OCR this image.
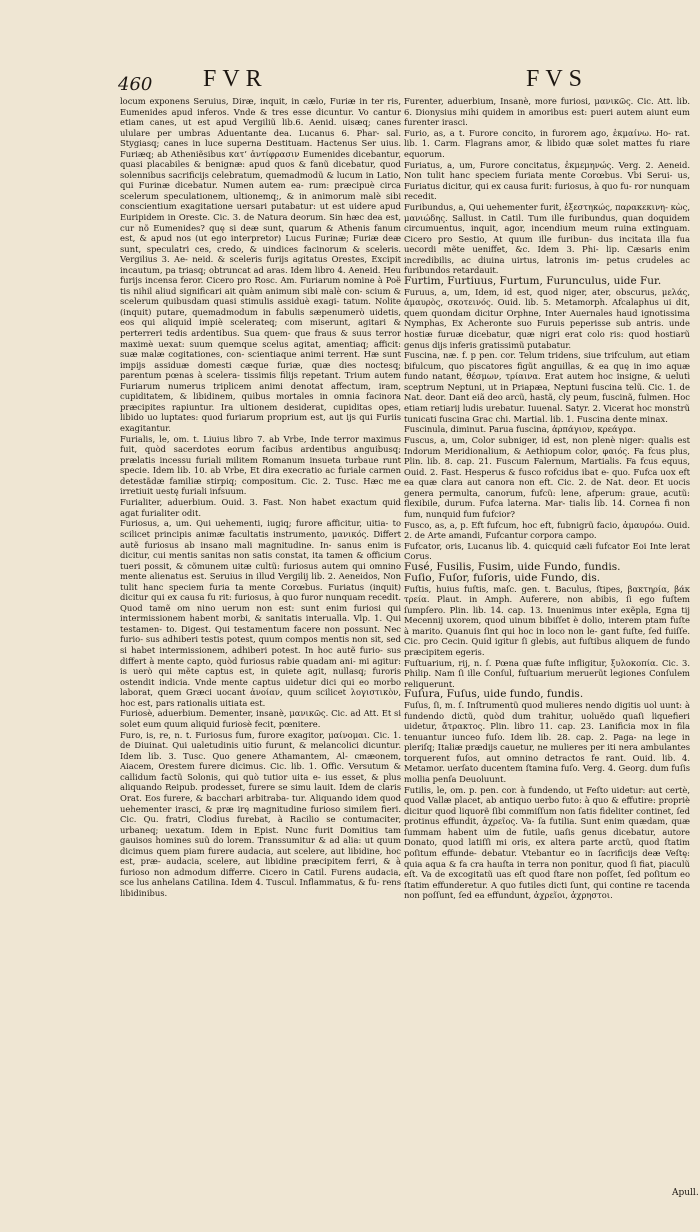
460 FVR	FVS

locum exponens Seruius, Diræ, inquit, in cælo, Furiæ in ter ris, Eumenides apud inferos. Vnde & tres esse dicuntur. Vo cantur etiam canes, ut est apud Vergiliũ lib.6. Aenid. uisæq; canes ululare per umbras Aduentante dea. Lucanus 6. Phar- sal. Stygiasq; canes in luce superna Destituam. Hactenus Ser uius. Furiæq; ab Atheniẽsibus κατ’ ἀντίφρασιν Eumenides dicebantur, quasi placabiles & benignæ: apud quos & fanũ dicebatur, quod solennibus sacrificijs celebratum, quemadmodũ & lucum in Latio, qui Furinæ dicebatur. Numen autem ea- rum: præcipuè circa scelerum speculationem, ultionemq;, & in animorum malè sibi conscientium exagitatione uersari putabatur: ut est uidere apud Euripidem in Oreste. Cic. 3. de Natura deorum. Sin hæc dea est, cur nõ Eumenides? quę si deæ sunt, quarum & Athenis fanum est, & apud nos (ut ego interpretor) Lucus Furinæ; Furiæ deæ sunt, speculatri ces, credo, & uindices facinorum & sceleris. Vergilius 3. Ae- neid. & sceleris furijs agitatus Orestes, Excipit incautum, pa triasq; obtruncat ad aras. Idem libro 4. Aeneid. Heu furijs incensa feror. Cicero pro Rosc. Am. Furiarum nomine à Poë tis nihil aliud significari ait quàm animum sibi malè con- scium & scelerum quibusdam quasi stimulis assiduè exagi- tatum. Nolite (inquit) putare, quemadmodum in fabulis sæpenumerò uidetis, eos qui aliquid impiè scelerateq; com miserunt, agitari & perterreri tedis ardentibus. Sua quem- que fraus & suus terror maximè uexat: suum quemque scelus agitat, amentiaq; afficit: suæ malæ cogitationes, con- scientiaque animi terrent. Hæ sunt impijs assiduæ domesti cæque furiæ, quæ dies noctesq; parentum pœnas à scelera- tissimis filijs repetant. Trium autem Furiarum numerus triplicem animi denotat affectum, iram, cupiditatem, & libidinem, quibus mortales in omnia facinora præcipites rapiuntur. Ira ultionem desiderat, cupiditas opes, libido uo luptates: quod furiarum proprium est, aut ijs qui Furiis exagitantur.

Furialis, le, om. t. Liuius libro 7. ab Vrbe, Inde terror maximus fuit, quòd sacerdotes eorum facibus ardentibus anguibusq; prælatis incessu furiali militem Romanum insueta turbaue runt specie. Idem lib. 10. ab Vrbe, Et dira execratio ac furiale carmen detestãdæ familiæ stirpiq; compositum. Cic. 2. Tusc. Hæc me irretiuit uestę furiali infsuum.

Furialiter, aduerbium. Ouid. 3. Fast. Non habet exactum quid agat furialiter odit.

Furiosus, a, um. Qui uehementi, iugiq; furore afficitur, uitia- to scilicet principis animæ facultatis instrumento, μανικός. Differt autẽ furiosus ab insano mali magnitudine. In- sanus enim is dicitur, cui mentis sanitas non satis constat, ita tamen & officium tueri possit, & cõmunem uitæ cultũ: furiosus autem qui omnino mente alienatus est. Seruius in illud Vergilij lib. 2. Aeneidos, Non tulit hanc speciem furia ta mente Corœbus. Furiatus (inquit) dicitur qui ex causa fu rit: furiosus, à quo furor nunquam recedit. Quod tamẽ om nino uerum non est: sunt enim furiosi qui intermissionem habent morbi, & sanitatis interualla. Vlp. 1. Qui testamen- to. Digest. Qui testamentum facere non possunt. Nec furio- sus adhiberi testis potest, quum compos mentis non sit, sed si habet intermissionem, adhiberi potest. In hoc autẽ furio- sus differt à mente capto, quòd furiosus rabie quadam ani- mi agitur: is uerò qui mẽte captus est, in quiete agit, nullasq; furoris ostendit indicia. Vnde mente captus uidetur dici qui eo morbo laborat, quem Græci uocant ἀνοίαν, quum scilicet λογιστικὸν, hoc est, pars rationalis uitiata est.

Furiosè, aduerbium. Dementer, insanè, μανικῶς. Cic. ad Att. Et si solet eum quum aliquid furiosè fecit, pœnitere.

Furo, is, re, n. t. Furiosus fum, furore exagitor, μαίνομαι. Cic. 1. de Diuinat. Qui ualetudinis uitio furunt, & melancolici dicuntur. Idem lib. 3. Tusc. Quo genere Athamantem, Al- cmæonem, Aiacem, Orestem furere dicimus. Cic. lib. 1. Offic. Versutum & callidum factũ Solonis, qui quò tutior uita e- ius esset, & plus aliquando Reipub. prodesset, furere se simu lauit. Idem de claris Orat. Eos furere, & bacchari arbitraba- tur. Aliquando idem quod uehementer irasci, & præ irę magnitudine furioso similem fieri. Cic. Qu. fratri, Clodius furebat, à Racilio se contumaciter, urbaneq; uexatum. Idem in Epist. Nunc furit Domitius tam gauisos homines suũ do lorem. Transsumitur & ad alia: ut quum dicimus quem piam furere audacia, aut scelere, aut libidine, hoc est, præ- audacia, scelere, aut libidine præcipitem ferri, & à furioso non admodum differre. Cicero in Catil. Furens audacia, sce lus anhelans Catilina. Idem 4. Tuscul. Inflammatus, & fu- rens libidinibus.

Furenter, aduerbium, Insanè, more furiosi, μανικῶς. Cic. Att. lib. 6. Dionysius mihi quidem in amoribus est: pueri autem aiunt eum furenter irasci.

Furio, as, a t. Furore concito, in furorem ago, ἐκμαίνω. Ho- rat. lib. 1. Carm. Flagrans amor, & libido quæ solet mattes fu riare equorum.

Furiatus, a, um, Furore concitatus, ἐκμεμηνώς. Verg. 2. Aeneid. Non tulit hanc speciem furiata mente Corœbus. Vbi Serui- us, Furiatus dicitur, qui ex causa furit: furiosus, à quo fu- ror nunquam recedit.

Furibundus, a, Qui uehementer furit, ἐξεστηκώς, παρακεκινη- κὼς, μανιώδης. Sallust. in Catil. Tum ille furibundus, quan doquidem circumuentus, inquit, agor, incendium meum ruina extinguam. Cicero pro Sestio, At quum ille furibun- dus incitata illa fua uecordi mẽte ueniffet, &c. Idem 3. Phi- lip. Cæsaris enim incredibilis, ac diuina uirtus, latronis im- petus crudeles ac furibundos retardauit.

Furtim, Furtiuus, Furtum, Furunculus, uide Fur.

Furuus, a, um, Idem, id est, quod niger, ater, obscurus, μελάς, ἀμαυρὸς, σκοτεινός. Ouid. lib. 5. Metamorph. Afcalaphus ui dit, quem quondam dicitur Orphne, Inter Auernales haud ignotissima Nymphas, Ex Acheronte suo Furuis peperisse sub antris. unde hostiæ furuæ dicebatur, quæ nigri erat colo ris: quod hostiarũ genus dijs inferis gratissimũ putabatur.

Fuscina, næ. f. p pen. cor. Telum tridens, siue trifculum, aut etiam bifulcum, quo piscatores figũt anguillas, & ea quę in imo aquæ fundo natant, θέσμων, τρίαινα. Erat autem hoc insigne, & uelutì sceptrum Neptuni, ut in Priapæa, Neptuni fuscina telũ. Cic. 1. de Nat. deor. Dant eiã deo arcũ, hastã, cly peum, fuscinã, fulmen. Hoc etiam retiarij ludis urebatur. Iuuenal. Satyr. 2. Vicerat hoc monstrũ tunicati fuscina Grac chi. Martial. lib. 1. Fuscina dente minax.

Fuscinula, diminut. Parua fuscina, ἁρπάγιον, κρεάγρα.

Fuscus, a, um, Color subniger, id est, non plenè niger: qualis est Indorum Meridionalium, & Aethiopum color, φαιός. Fa fcus plus, Plin. lib. 8. cap. 21. Fuscum Falernum, Martialis. Fa fcus equus, Ouid. 2. Fast. Hesperus & fusco rofcidus ibat e- quo. Fufca uox eft ea quæ clara aut canora non eft. Cic. 2. de Nat. deor. Et uocis genera permulta, canorum, fufcũ: lene, afperum: graue, acutũ: flexibile, durum. Fufca laterna. Mar- tialis lib. 14. Cornea fi non fum, nunquid fum fufcior?

Fusco, as, a, p. Eft fufcum, hoc eft, fubnigrũ facio, ἀμαυρόω. Ouid. 2. de Arte amandi, Fufcantur corpora campo.

Fufcator, oris, Lucanus lib. 4. quicquid cæli fufcator Eoi Inte lerat Corus.

Fusé, Fusilis, Fusim, uide Fundo, fundis.

Fuſio, Fuſor, fuſoris, uide Fundo, dis.

Fuſtis, huius fuſtis, maſc. gen. t. Baculus, ſtipes, βακτηρία, βάκ τρεία. Plaut. in Amph. Auferere, non abibis, ſi ego fuſtem ſumpſero. Plin. lib. 14. cap. 13. Inuenimus inter exẽpla, Egna tij Mecennij uxorem, quod uinum bibiſſet è dolio, interem ptam fuſte à marito. Quanuis ſint qui hoc in loco non le- gant fuſte, ſed fuiſſe. Cic. pro Cecin. Quid igitur ſi glebis, aut fuſtibus aliquem de fundo præcipitem egeris.

Fuſtuarium, rij, n. ſ. Pœna quæ fuſte infligitur, ξυλοκοπία. Cic. 3. Philip. Nam ſi ille Conſul, fuſtuarium meruerũt legiones Conſulem reliquerunt.

Fuſura, Fuſus, uide fundo, fundis.

Fuſus, ſi, m. ſ. Inſtrumentũ quod mulieres nendo digitis uol uunt: à fundendo dictũ, quòd dum trahitur, uoluẽdo quaſi liquefieri uidetur, ἄτρακτος. Plin. libro 11. cap. 23. Lanificia mox in fila tenuantur iunceo fuſo. Idem lib. 28. cap. 2. Paga- na lege in pleriſq; Italiæ prædijs cauetur, ne mulieres per iti nera ambulantes torquerent fuſos, aut omnino detractos fe rant. Ouid. lib. 4. Metamor. uerſato ducentem ſtamina fuſo. Verg. 4. Georg. dum fuſis mollia penſa Deuoluunt.

Futilis, le, om. p. pen. cor. à fundendo, ut Feſto uidetur: aut certè, quod Vallæ placet, ab antiquo uerbo futo: à quo & effutire: propriè dicitur quod liquorẽ ſibi commiſſum non ſatis fideliter continet, ſed protinus effundit, ἀχρεῖος. Va- ſa futilia. Sunt enim quædam, quæ ſummam habent uim de futile, uaſis genus dicebatur, autore Donato, quod latiſſi mi oris, ex altera parte arctũ, quod ſtatim poſitum effunde- debatur. Vtebantur eo in ſacrificijs deæ Veſtę: quia aqua & fa cra hauſta in terra non ponitur, quod ſi fiat, piaculũ eſt. Va de excogitatũ uas eſt quod ſtare non poſſet, ſed poſitum eo ſtatim effunderetur. A quo futiles dicti ſunt, qui contine re tacenda non poſſunt, ſed ea effundunt, ἀχρεῖοι, ἀχρηστοι.

Apull.
